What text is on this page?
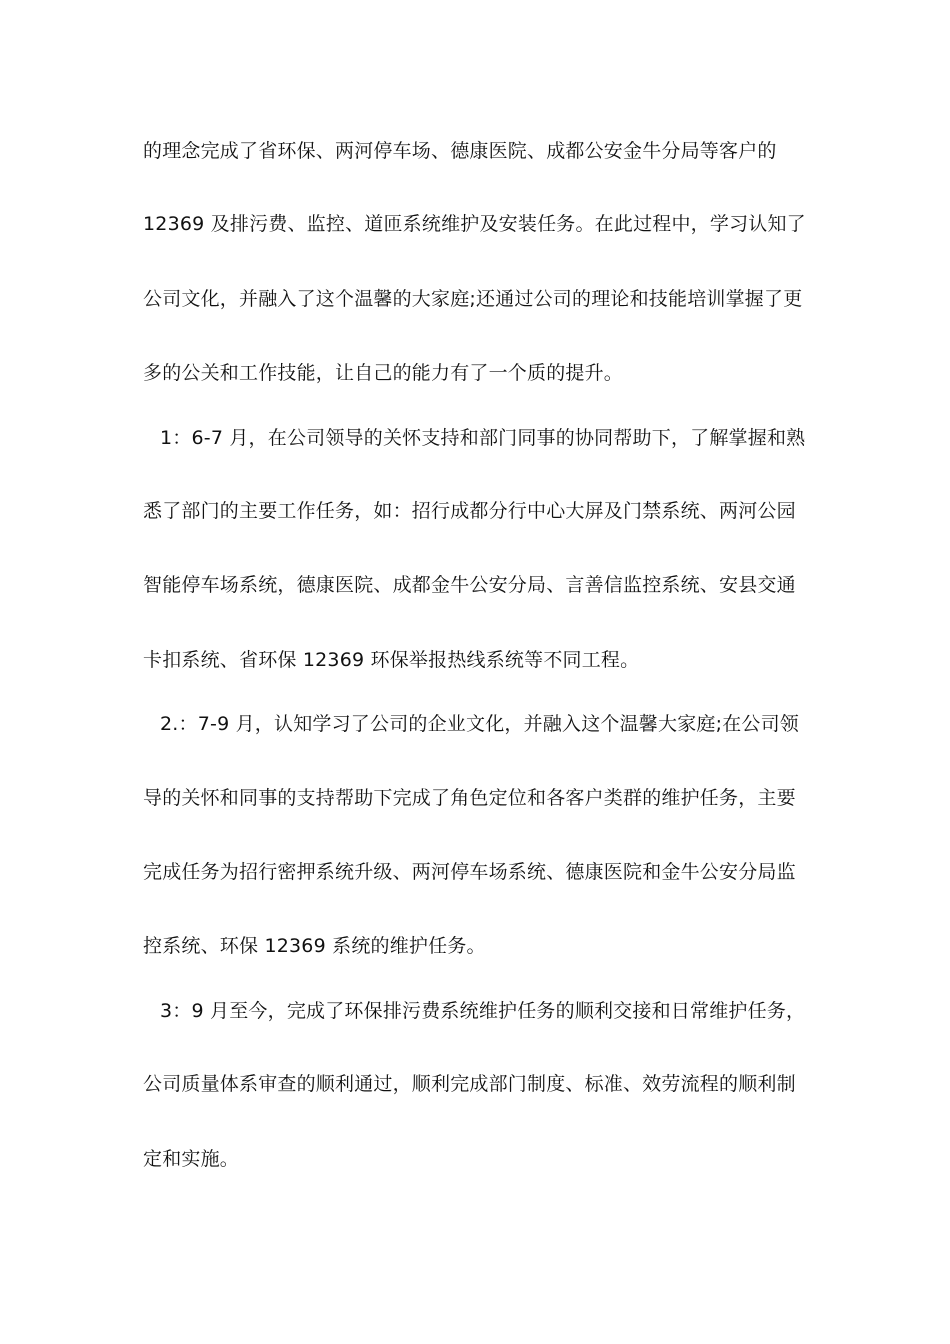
的理念完成了省环保、两河停车场、德康医院、成都公安金牛分局等客户的

12369 及排污费、监控、道匝系统维护及安装任务。在此过程中，学习认知了

公司文化，并融入了这个温馨的大家庭;还通过公司的理论和技能培训掌握了更

多的公关和工作技能，让自己的能力有了一个质的提升。

1：6-7 月，在公司领导的关怀支持和部门同事的协同帮助下，了解掌握和熟

悉了部门的主要工作任务，如：招行成都分行中心大屏及门禁系统、两河公园

智能停车场系统，德康医院、成都金牛公安分局、言善信监控系统、安县交通

卡扣系统、省环保 12369 环保举报热线系统等不同工程。

2.：7-9 月，认知学习了公司的企业文化，并融入这个温馨大家庭;在公司领

导的关怀和同事的支持帮助下完成了角色定位和各客户类群的维护任务，主要

完成任务为招行密押系统升级、两河停车场系统、德康医院和金牛公安分局监

控系统、环保 12369 系统的维护任务。

3：9 月至今，完成了环保排污费系统维护任务的顺利交接和日常维护任务，

公司质量体系审查的顺利通过，顺利完成部门制度、标准、效劳流程的顺利制

定和实施。
